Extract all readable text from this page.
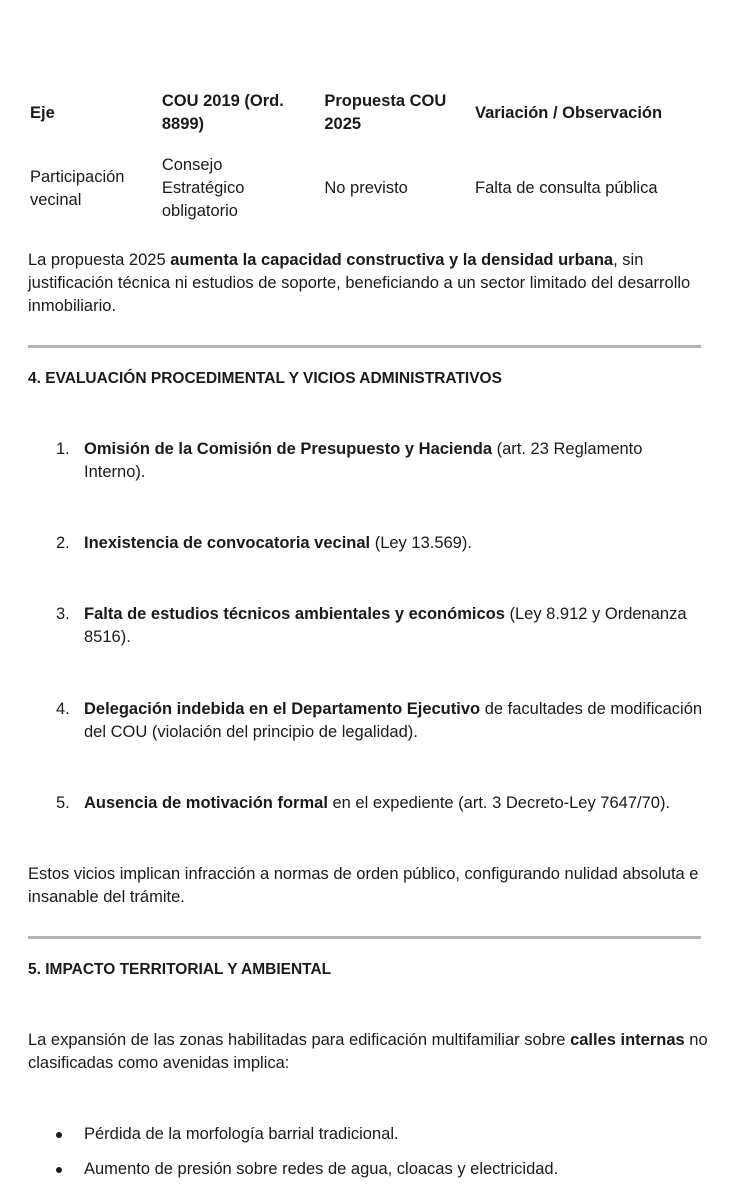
Eje	COU 2019 (Ord. 8899)	Propuesta COU 2025	Variación / Observación
Participación vecinal	Consejo Estratégico obligatorio	No previsto	Falta de consulta pública

La propuesta 2025 aumenta la capacidad constructiva y la densidad urbana, sin justificación técnica ni estudios de soporte, beneficiando a un sector limitado del desarrollo inmobiliario.

4. EVALUACIÓN PROCEDIMENTAL Y VICIOS ADMINISTRATIVOS
1. Omisión de la Comisión de Presupuesto y Hacienda (art. 23 Reglamento Interno).
2. Inexistencia de convocatoria vecinal (Ley 13.569).
3. Falta de estudios técnicos ambientales y económicos (Ley 8.912 y Ordenanza 8516).
4. Delegación indebida en el Departamento Ejecutivo de facultades de modificación del COU (violación del principio de legalidad).
5. Ausencia de motivación formal en el expediente (art. 3 Decreto-Ley 7647/70).

Estos vicios implican infracción a normas de orden público, configurando nulidad absoluta e insanable del trámite.

5. IMPACTO TERRITORIAL Y AMBIENTAL

La expansión de las zonas habilitadas para edificación multifamiliar sobre calles internas no clasificadas como avenidas implica:

Pérdida de la morfología barrial tradicional.
Aumento de presión sobre redes de agua, cloacas y electricidad.
